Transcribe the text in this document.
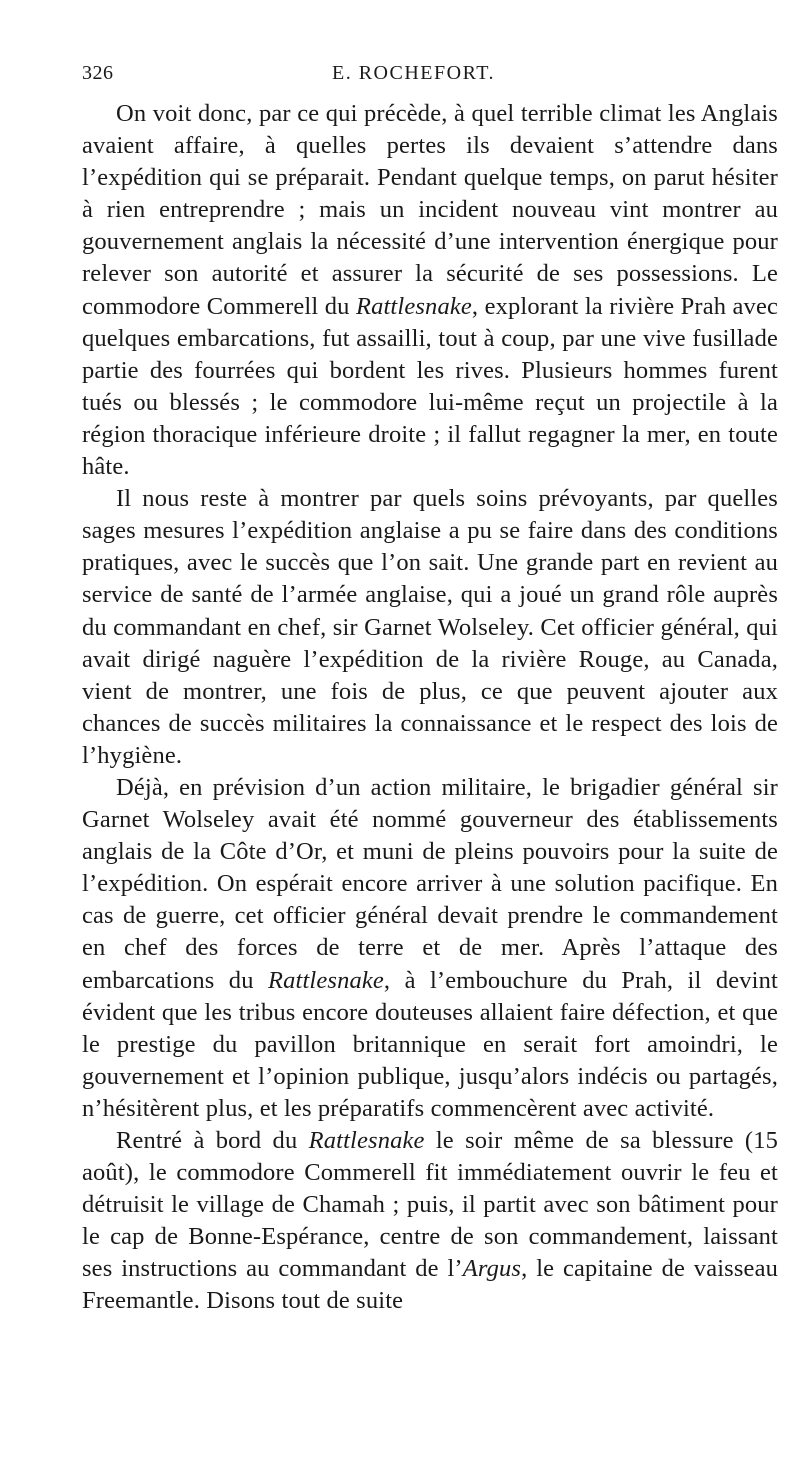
326	E. ROCHEFORT.

On voit donc, par ce qui précède, à quel terrible climat les Anglais avaient affaire, à quelles pertes ils devaient s’attendre dans l’expédition qui se préparait. Pendant quelque temps, on parut hésiter à rien entreprendre ; mais un incident nouveau vint montrer au gouvernement anglais la nécessité d’une intervention énergique pour relever son autorité et assurer la sécurité de ses possessions. Le commodore Commerell du Rattlesnake, explorant la rivière Prah avec quelques embarcations, fut assailli, tout à coup, par une vive fusillade partie des fourrées qui bordent les rives. Plusieurs hommes furent tués ou blessés ; le commodore lui-même reçut un projectile à la région thoracique inférieure droite ; il fallut regagner la mer, en toute hâte.

Il nous reste à montrer par quels soins prévoyants, par quelles sages mesures l’expédition anglaise a pu se faire dans des conditions pratiques, avec le succès que l’on sait. Une grande part en revient au service de santé de l’armée anglaise, qui a joué un grand rôle auprès du commandant en chef, sir Garnet Wolseley. Cet officier général, qui avait dirigé naguère l’expédition de la rivière Rouge, au Canada, vient de montrer, une fois de plus, ce que peuvent ajouter aux chances de succès militaires la connaissance et le respect des lois de l’hygiène.

Déjà, en prévision d’un action militaire, le brigadier général sir Garnet Wolseley avait été nommé gouverneur des établissements anglais de la Côte d’Or, et muni de pleins pouvoirs pour la suite de l’expédition. On espérait encore arriver à une solution pacifique. En cas de guerre, cet officier général devait prendre le commandement en chef des forces de terre et de mer. Après l’attaque des embarcations du Rattlesnake, à l’embouchure du Prah, il devint évident que les tribus encore douteuses allaient faire défection, et que le prestige du pavillon britannique en serait fort amoindri, le gouvernement et l’opinion publique, jusqu’alors indécis ou partagés, n’hésitèrent plus, et les préparatifs commencèrent avec activité.

Rentré à bord du Rattlesnake le soir même de sa blessure (15 août), le commodore Commerell fit immédiatement ouvrir le feu et détruisit le village de Chamah ; puis, il partit avec son bâtiment pour le cap de Bonne-Espérance, centre de son commandement, laissant ses instructions au commandant de l’Argus, le capitaine de vaisseau Freemantle. Disons tout de suite
